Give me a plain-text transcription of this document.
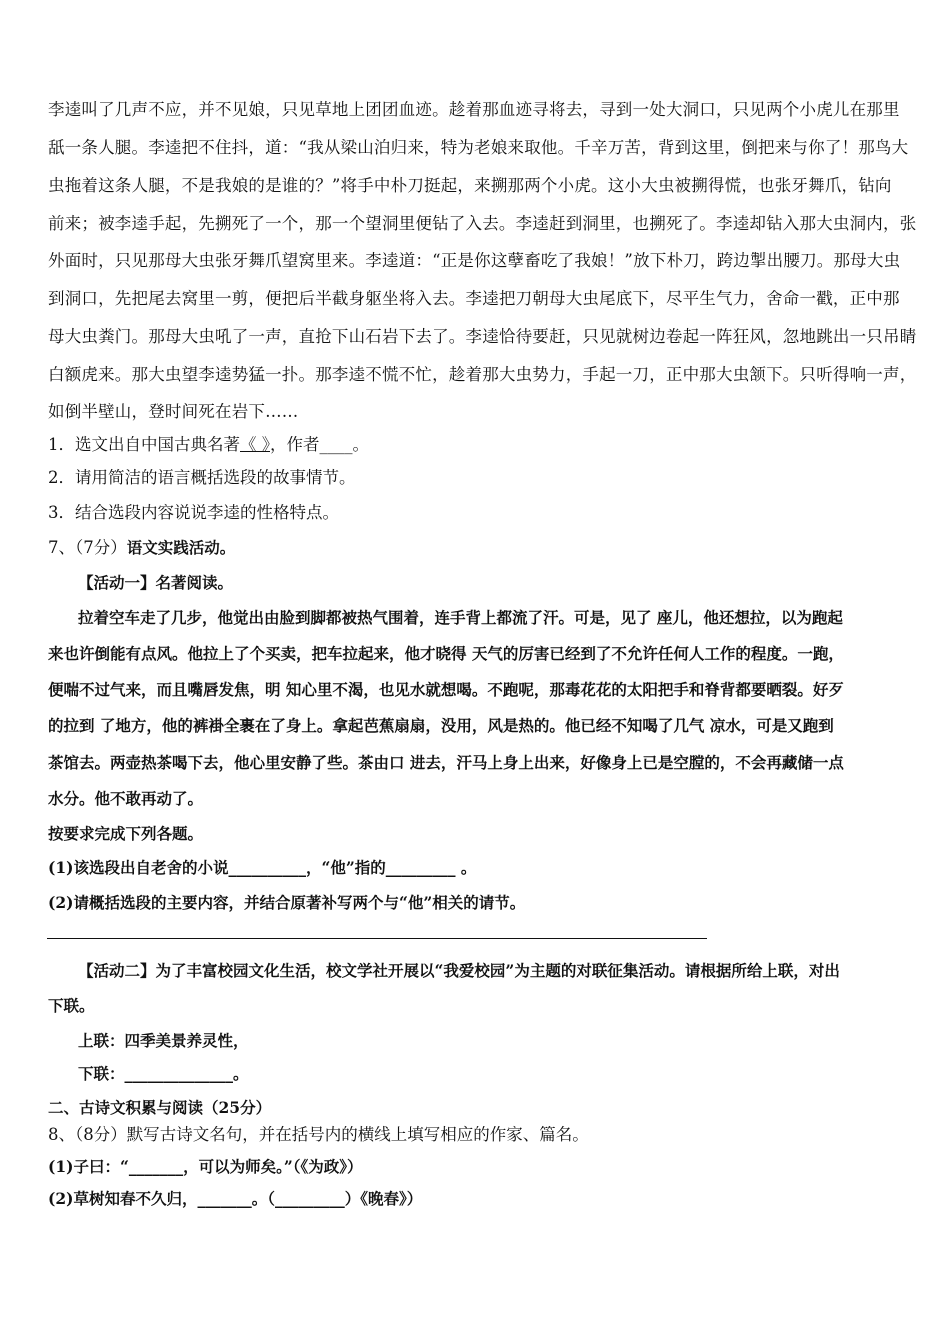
李逵叫了几声不应，并不见娘，只见草地上团团血迹。趁着那血迹寻将去，寻到一处大洞口，只见两个小虎儿在那里
舐一条人腿。李逵把不住抖，道：“我从梁山泊归来，特为老娘来取他。千辛万苦，背到这里，倒把来与你了！那鸟大
虫拖着这条人腿，不是我娘的是谁的？”将手中朴刀挺起，来搠那两个小虎。这小大虫被搠得慌，也张牙舞爪，钻向
前来；被李逵手起，先搠死了一个，那一个望洞里便钻了入去。李逵赶到洞里，也搠死了。李逵却钻入那大虫洞内，张
外面时，只见那母大虫张牙舞爪望窝里来。李逵道：“正是你这孽畜吃了我娘！”放下朴刀，跨边掣出腰刀。那母大虫
到洞口，先把尾去窝里一剪，便把后半截身躯坐将入去。李逵把刀朝母大虫尾底下，尽平生气力，舍命一戳，正中那
母大虫粪门。那母大虫吼了一声，直抢下山石岩下去了。李逵恰待要赶，只见就树边卷起一阵狂风，忽地跳出一只吊睛
白额虎来。那大虫望李逵势猛一扑。那李逵不慌不忙，趁着那大虫势力，手起一刀，正中那大虫颔下。只听得响一声，
如倒半壁山，登时间死在岩下……
1．选文出自中国古典名著《 》，作者____。
2．请用简洁的语言概括选段的故事情节。
3．结合选段内容说说李逵的性格特点。
7、（7分）语文实践活动。
【活动一】名著阅读。
拉着空车走了几步，他觉出由脸到脚都被热气围着，连手背上都流了汗。可是，见了 座儿，他还想拉，以为跑起
来也许倒能有点风。他拉上了个买卖，把车拉起来，他才晓得 天气的厉害已经到了不允许任何人工作的程度。一跑，
便喘不过气来，而且嘴唇发焦，明 知心里不渴，也见水就想喝。不跑呢，那毒花花的太阳把手和脊背都要晒裂。好歹
的拉到 了地方，他的裤褂全裹在了身上。拿起芭蕉扇扇，没用，风是热的。他已经不知喝了几气 凉水，可是又跑到
茶馆去。两壶热茶喝下去，他心里安静了些。茶由口 进去，汗马上身上出来，好像身上已是空膛的，不会再藏储一点
水分。他不敢再动了。
按要求完成下列各题。
(1)该选段出自老舍的小说__________，“他”指的_________ 。
(2)请概括选段的主要内容，并结合原著补写两个与“他”相关的请节。
【活动二】为了丰富校园文化生活，校文学社开展以“我爱校园”为主题的对联征集活动。请根据所给上联，对出
下联。
上联：四季美景养灵性，
下联：______________。
二、古诗文积累与阅读（25分）
8、（8分）默写古诗文名句，并在括号内的横线上填写相应的作家、篇名。
(1)子曰：“_______，可以为师矣。”（《为政》）
(2)草树知春不久归，_______。（_________）《晚春》）
